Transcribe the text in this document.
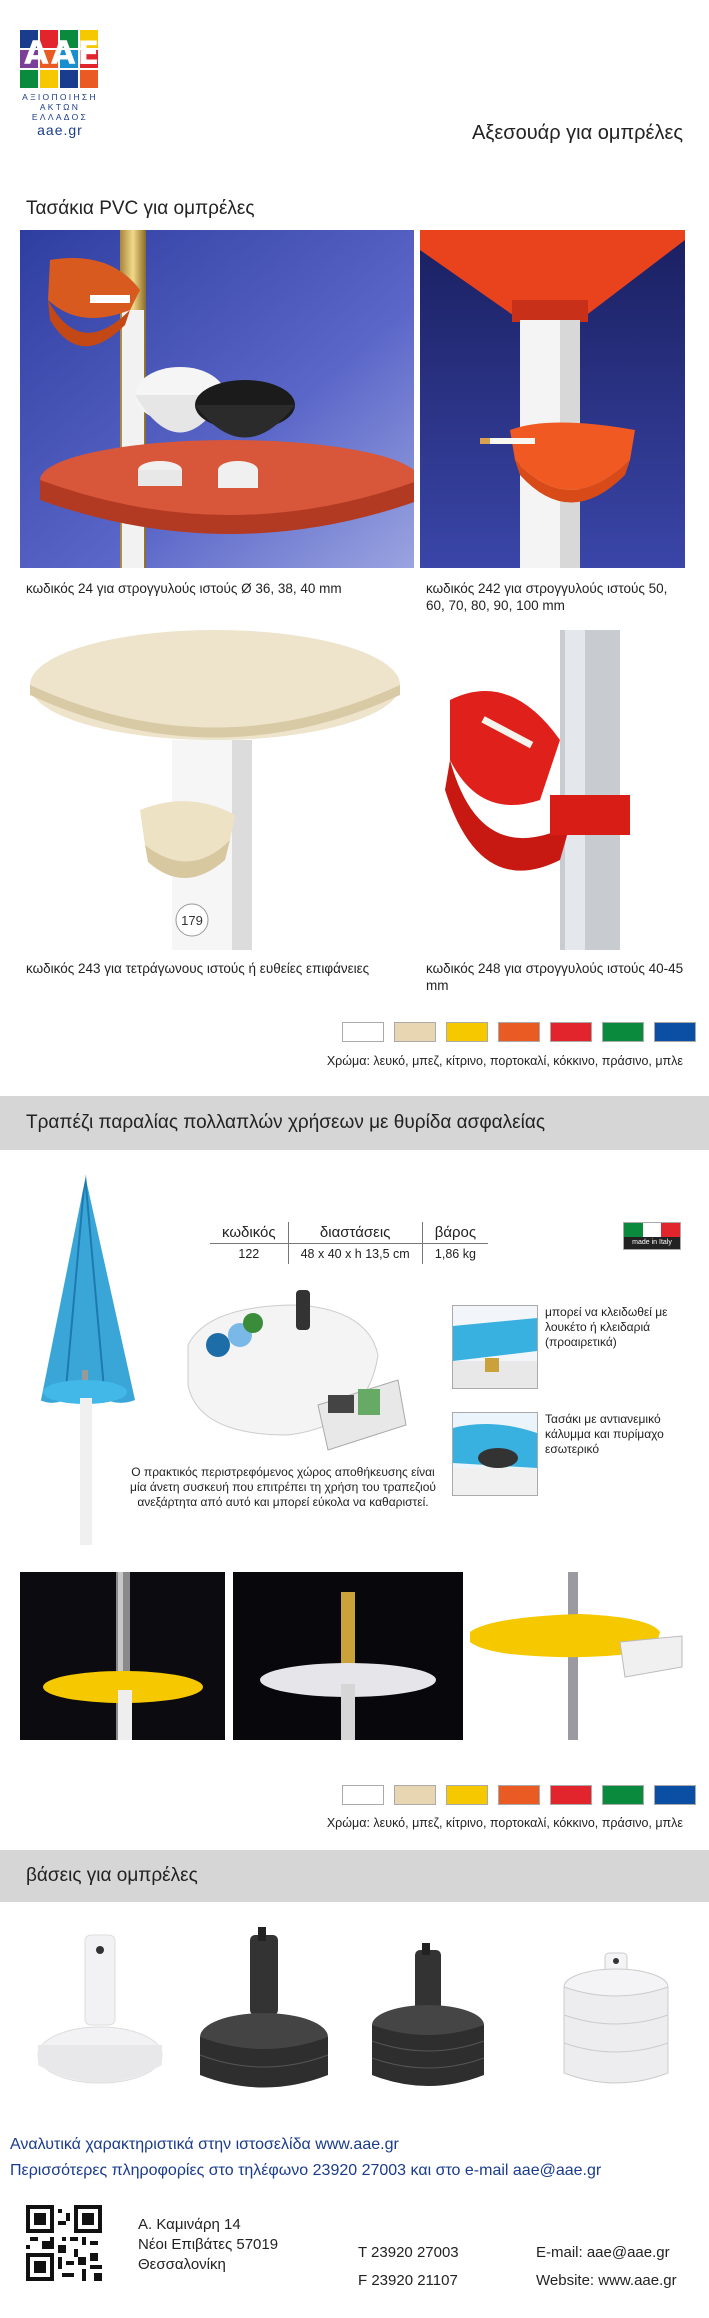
ΑΑΕ
ΑΞΙΟΠΟΙΗΣΗ
ΑΚΤΩΝ
ΕΛΛΑΔΟΣ
aae.gr	Αξεσουάρ για ομπρέλες
Τασάκια PVC για ομπρέλες
κωδικός 24 για στρογγυλούς ιστούς Ø 36, 38, 40 mm	κωδικός 242 για στρογγυλούς ιστούς 50, 60, 70, 80, 90, 100 mm
179
κωδικός 243 για τετράγωνους ιστούς ή ευθείες επιφάνειες	κωδικός 248 για στρογγυλούς ιστούς 40-45 mm
Χρώμα: λευκό, μπεζ, κίτρινο, πορτοκαλί, κόκκινο, πράσινο, μπλε
Τραπέζι παραλίας πολλαπλών χρήσεων με θυρίδα ασφαλείας
κωδικός	διαστάσεις	βάρος
122	48 x 40 x h 13,5 cm	1,86 kg
made in Italy
μπορεί να κλειδωθεί με λουκέτο ή κλειδαριά (προαιρετικά)
Τασάκι με αντιανεμικό κάλυμμα και πυρίμαχο εσωτερικό
Ο πρακτικός περιστρεφόμενος χώρος αποθήκευσης είναι μία άνετη συσκευή που επιτρέπει τη χρήση του τραπεζιού ανεξάρτητα από αυτό και μπορεί εύκολα να καθαριστεί.
Χρώμα: λευκό, μπεζ, κίτρινο, πορτοκαλί, κόκκινο, πράσινο, μπλε
βάσεις για ομπρέλες
Αναλυτικά χαρακτηριστικά στην ιστοσελίδα www.aae.gr
Περισσότερες πληροφορίες στο τηλέφωνο 23920 27003 και στο e-mail aae@aae.gr
Α. Καμινάρη 14
Νέοι Επιβάτες 57019
Θεσσαλονίκη
T 23920 27003
F 23920 21107
E-mail: aae@aae.gr
Website: www.aae.gr
